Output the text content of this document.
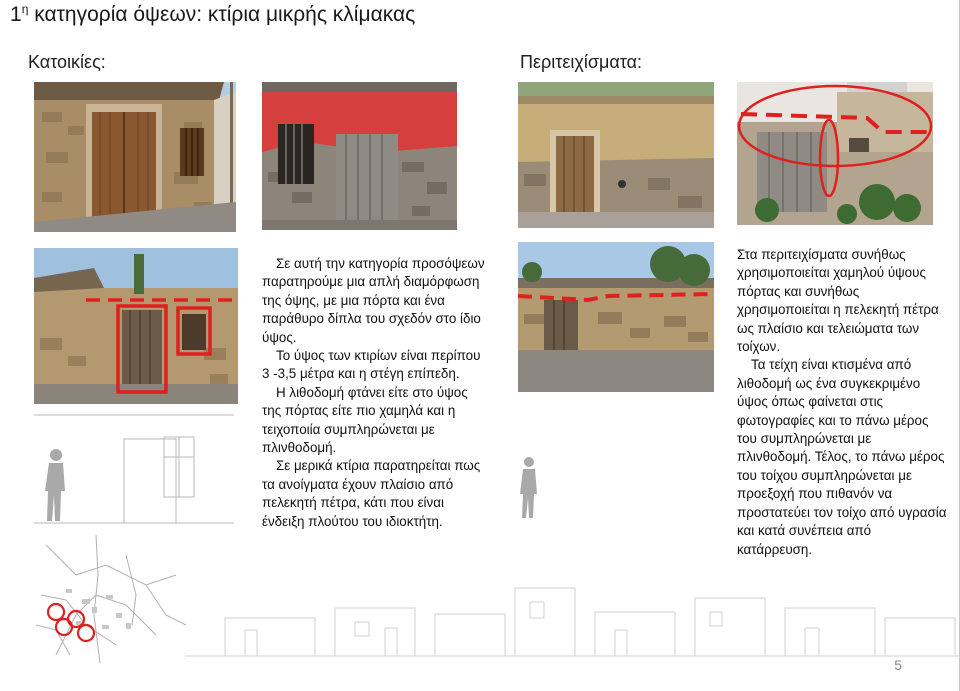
$1^\eta$ κατηγορία όψεων: κτίρια μικρής κλίμακας
Κατοικίες:	Περιτειχίσματα:

Σε αυτή την κατηγορία προσόψεων παρατηρούμε μια απλή διαμόρφωση της όψης, με μια πόρτα και ένα παράθυρο δίπλα του σχεδόν στο ίδιο ύψος.

Το ύψος των κτιρίων είναι περίπου 3 -3,5 μέτρα και η στέγη επίπεδη.

Η λιθοδομή φτάνει είτε στο ύψος της πόρτας είτε πιο χαμηλά και η τειχοποιία συμπληρώνεται με πλινθοδομή.

Σε μερικά κτίρια παρατηρείται πως τα ανοίγματα έχουν πλαίσιο από πελεκητή πέτρα, κάτι που είναι ένδειξη πλούτου του ιδιοκτήτη.

Στα περιτειχίσματα συνήθως χρησιμοποιείται χαμηλού ύψους πόρτας και συνήθως χρησιμοποιείται η πελεκητή πέτρα ως πλαίσιο και τελειώματα των τοίχων.

Τα τείχη είναι κτισμένα από λιθοδομή ως ένα συγκεκριμένο ύψος όπως φαίνεται στις φωτογραφίες και το πάνω μέρος του συμπληρώνεται με πλινθοδομή. Τέλος, το πάνω μέρος του τοίχου συμπληρώνεται με προεξοχή που πιθανόν να προστατεύει τον τοίχο από υγρασία και κατά συνέπεια από κατάρρευση.

5
